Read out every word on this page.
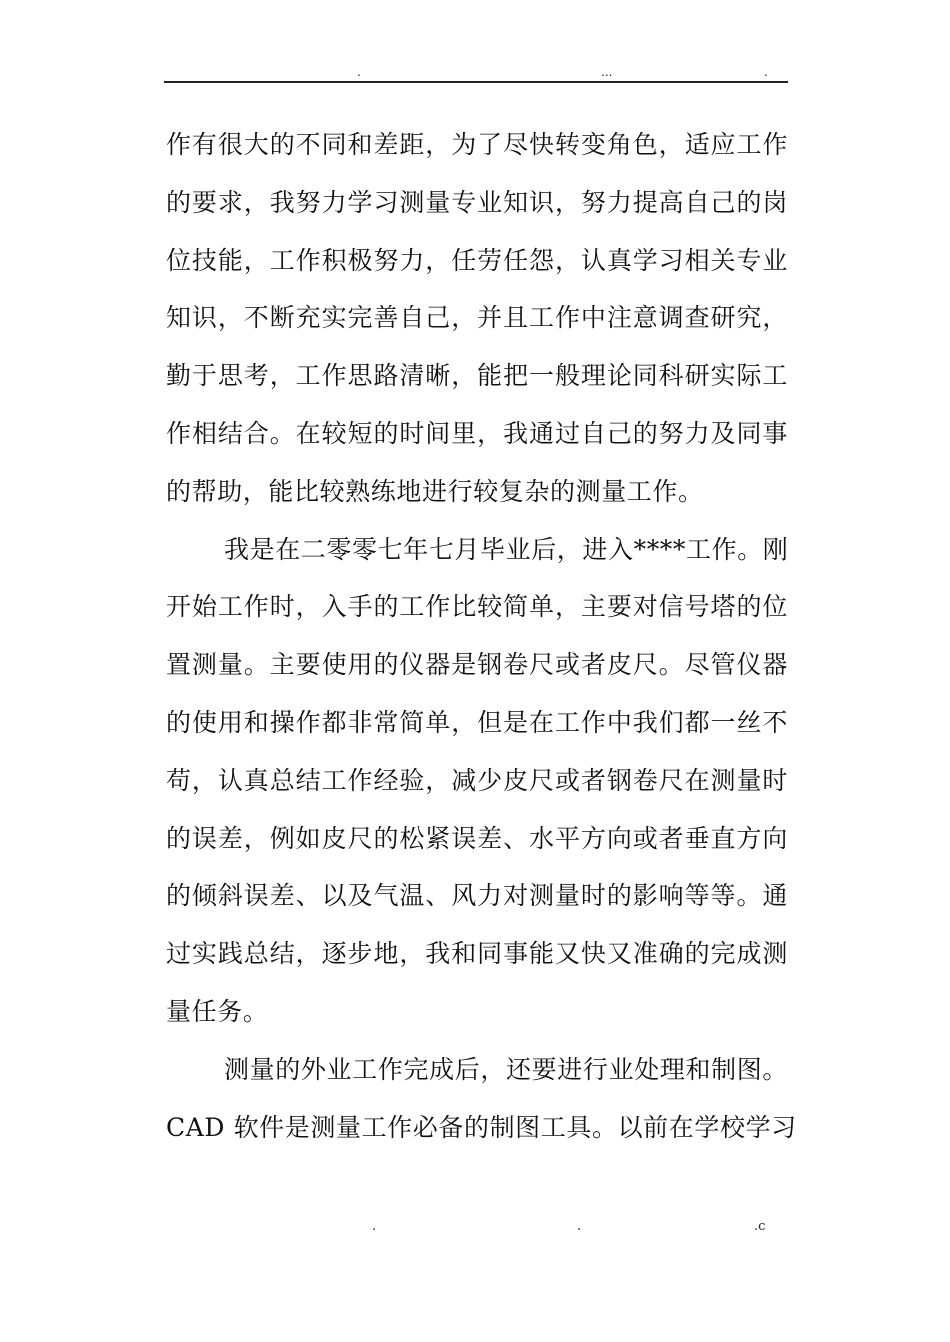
.	...	.
作有很大的不同和差距，为了尽快转变角色，适应工作
的要求，我努力学习测量专业知识，努力提高自己的岗
位技能，工作积极努力，任劳任怨，认真学习相关专业
知识，不断充实完善自己，并且工作中注意调查研究，
勤于思考，工作思路清晰，能把一般理论同科研实际工
作相结合。在较短的时间里，我通过自己的努力及同事
的帮助，能比较熟练地进行较复杂的测量工作。
我是在二零零七年七月毕业后，进入****工作。刚
开始工作时，入手的工作比较简单，主要对信号塔的位
置测量。主要使用的仪器是钢卷尺或者皮尺。尽管仪器
的使用和操作都非常简单，但是在工作中我们都一丝不
苟，认真总结工作经验，减少皮尺或者钢卷尺在测量时
的误差，例如皮尺的松紧误差、水平方向或者垂直方向
的倾斜误差、以及气温、风力对测量时的影响等等。通
过实践总结，逐步地，我和同事能又快又准确的完成测
量任务。
测量的外业工作完成后，还要进行业处理和制图。
CAD 软件是测量工作必备的制图工具。以前在学校学习
.	.	.c
